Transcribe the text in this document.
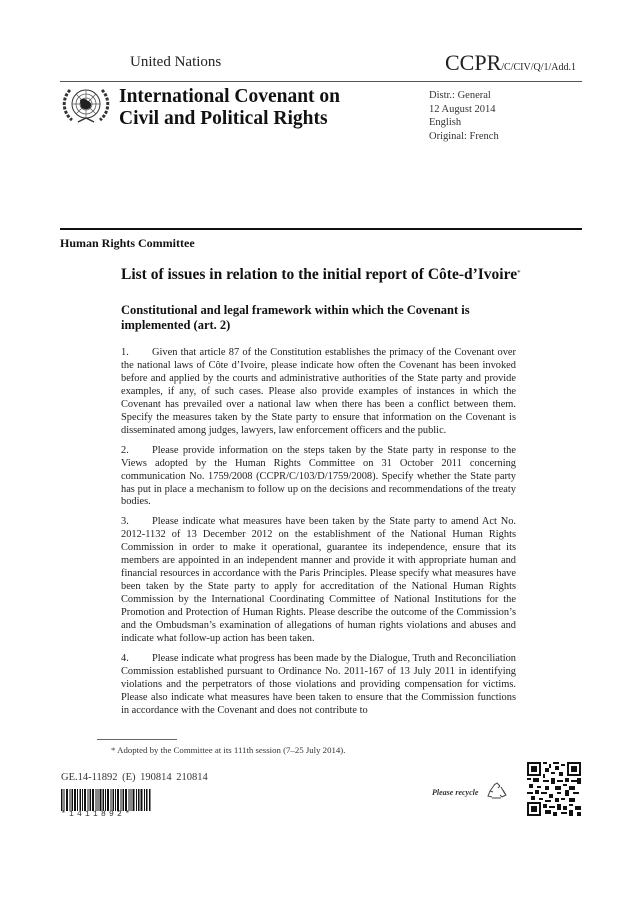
United Nations	CCPR/C/CIV/Q/1/Add.1
International Covenant on
Civil and Political Rights
Distr.: General
12 August 2014
English
Original: French
Human Rights Committee
List of issues in relation to the initial report of Côte-d’Ivoire*
Constitutional and legal framework within which the Covenant is implemented (art. 2)

1. Given that article 87 of the Constitution establishes the primacy of the Covenant over the national laws of Côte d’Ivoire, please indicate how often the Covenant has been invoked before and applied by the courts and administrative authorities of the State party and provide examples, if any, of such cases. Please also provide examples of instances in which the Covenant has prevailed over a national law when there has been a conflict between them. Specify the measures taken by the State party to ensure that information on the Covenant is disseminated among judges, lawyers, law enforcement officers and the public.

2. Please provide information on the steps taken by the State party in response to the Views adopted by the Human Rights Committee on 31 October 2011 concerning communication No. 1759/2008 (CCPR/C/103/D/1759/2008). Specify whether the State party has put in place a mechanism to follow up on the decisions and recommendations of the treaty bodies.

3. Please indicate what measures have been taken by the State party to amend Act No. 2012-1132 of 13 December 2012 on the establishment of the National Human Rights Commission in order to make it operational, guarantee its independence, ensure that its members are appointed in an independent manner and provide it with appropriate human and financial resources in accordance with the Paris Principles. Please specify what measures have been taken by the State party to apply for accreditation of the National Human Rights Commission by the International Coordinating Committee of National Institutions for the Promotion and Protection of Human Rights. Please describe the outcome of the Commission’s and the Ombudsman’s examination of allegations of human rights violations and abuses and indicate what follow-up action has been taken.

4. Please indicate what progress has been made by the Dialogue, Truth and Reconciliation Commission established pursuant to Ordinance No. 2011-167 of 13 July 2011 in identifying violations and the perpetrators of those violations and providing compensation for victims. Please also indicate what measures have been taken to ensure that the Commission functions in accordance with the Covenant and does not contribute to

* Adopted by the Committee at its 111th session (7–25 July 2014).
GE.14-11892 (E) 190814 210814
*1411892*
Please recycle
